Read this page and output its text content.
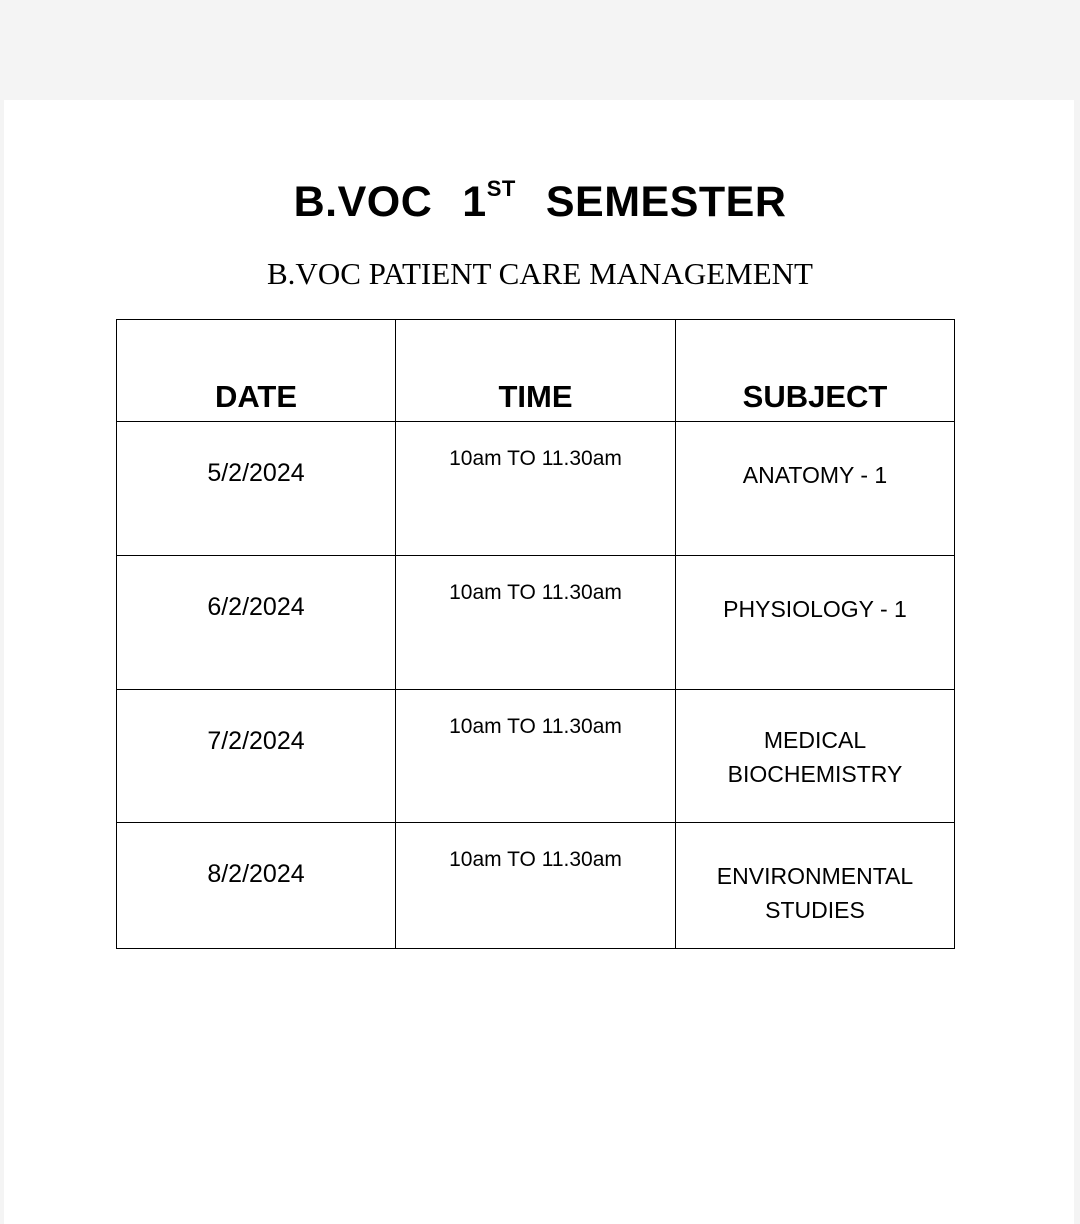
B.VOC 1ST SEMESTER
B.VOC PATIENT CARE MANAGEMENT
DATE	TIME	SUBJECT

5/2/2024	10am TO 11.30am	ANATOMY - 1

6/2/2024	10am TO 11.30am	PHYSIOLOGY - 1

7/2/2024	10am TO 11.30am	MEDICAL BIOCHEMISTRY

8/2/2024	10am TO 11.30am	ENVIRONMENTAL STUDIES
